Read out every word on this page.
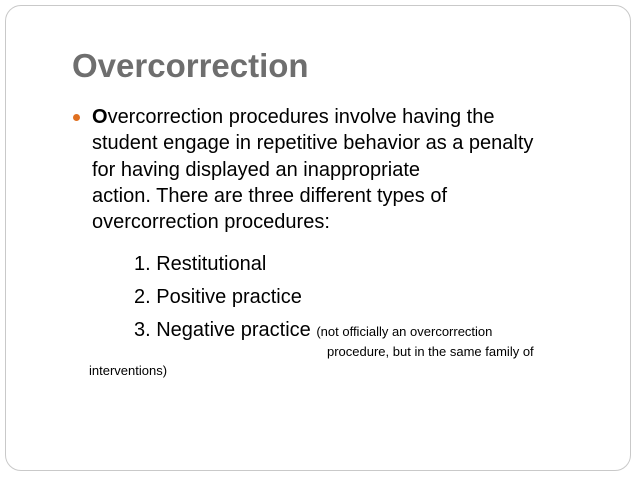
Overcorrection
Overcorrection procedures involve having the
student engage in repetitive behavior as a penalty
for having displayed an inappropriate
action. There are three different types of
overcorrection procedures:
1. Restitutional
2. Positive practice
3. Negative practice (not officially an overcorrection
procedure, but in the same family of
interventions)
